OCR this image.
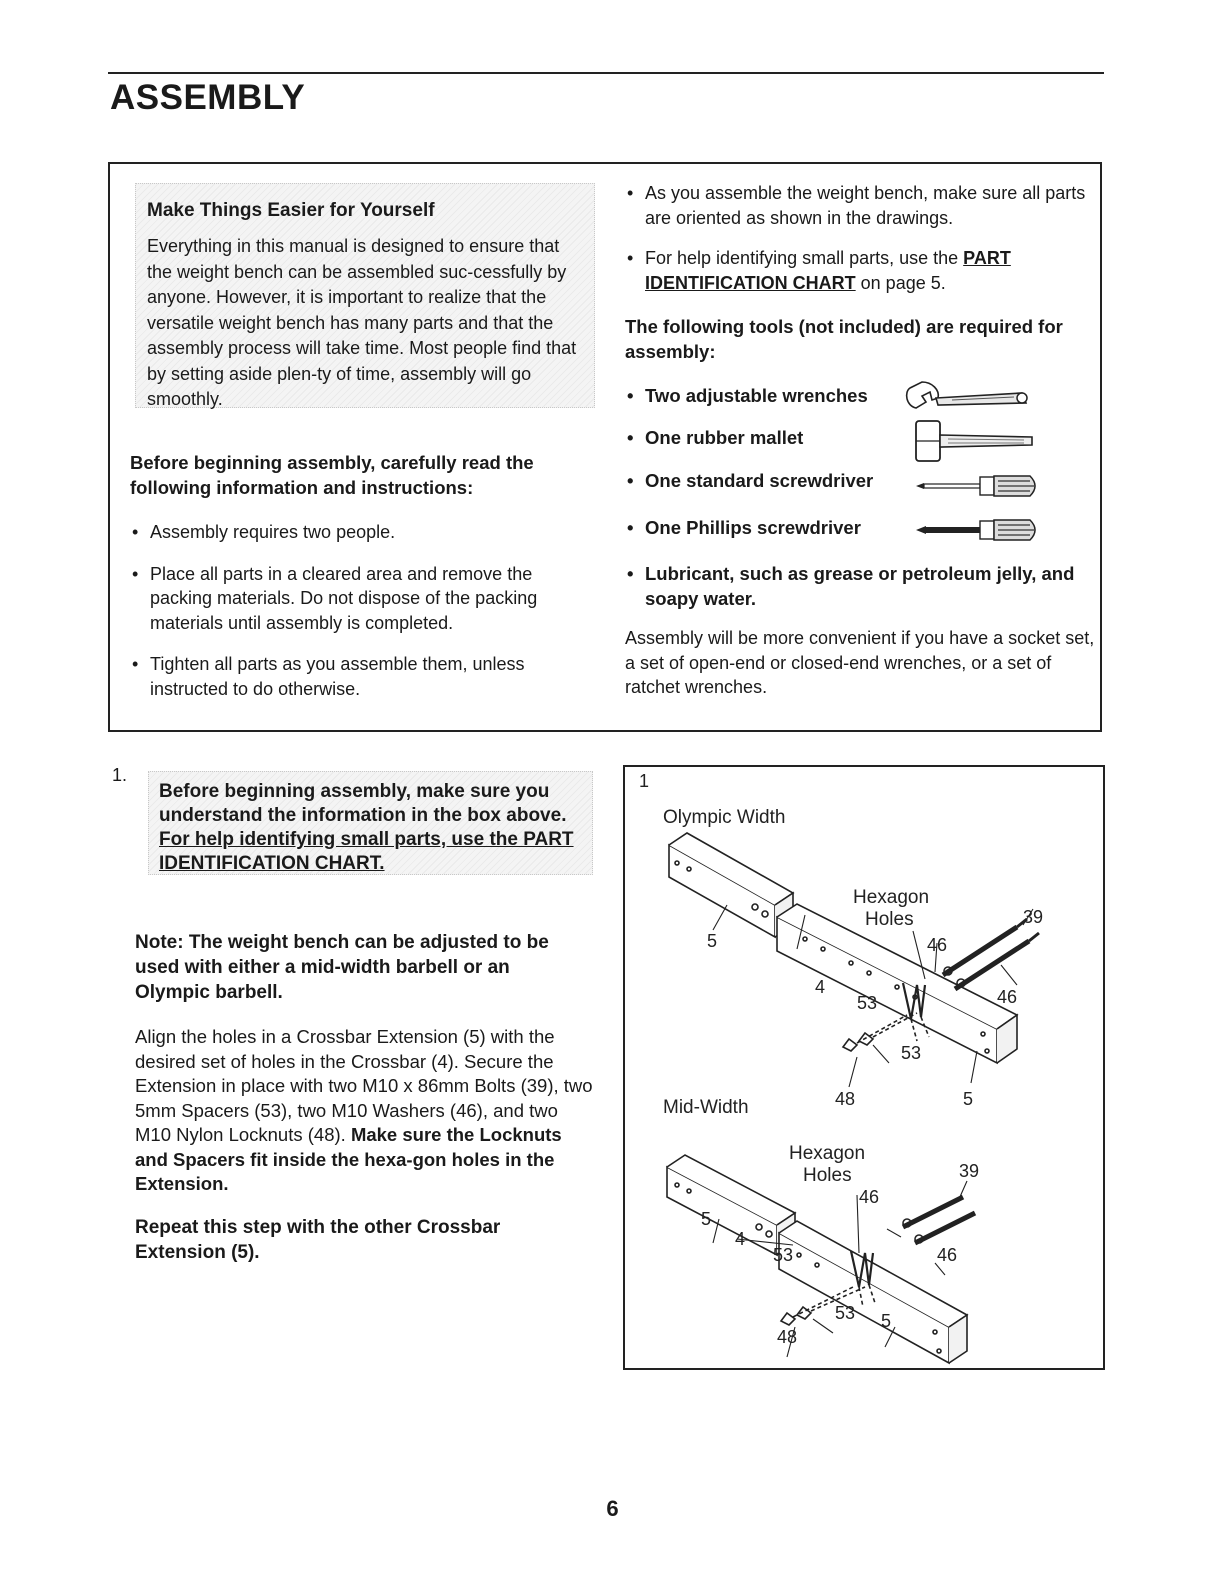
ASSEMBLY
Make Things Easier for Yourself

Everything in this manual is designed to ensure that the weight bench can be assembled suc-cessfully by anyone. However, it is important to realize that the versatile weight bench has many parts and that the assembly process will take time. Most people find that by setting aside plen-ty of time, assembly will go smoothly.

Before beginning assembly, carefully read the following information and instructions:
• Assembly requires two people.
• Place all parts in a cleared area and remove the packing materials. Do not dispose of the packing materials until assembly is completed.
• Tighten all parts as you assemble them, unless instructed to do otherwise.
• As you assemble the weight bench, make sure all parts are oriented as shown in the drawings.
• For help identifying small parts, use the PART IDENTIFICATION CHART on page 5.
The following tools (not included) are required for assembly:
• Two adjustable wrenches
• One rubber mallet
• One standard screwdriver
• One Phillips screwdriver
• Lubricant, such as grease or petroleum jelly, and soapy water.
Assembly will be more convenient if you have a socket set, a set of open-end or closed-end wrenches, or a set of ratchet wrenches.
1.

Before beginning assembly, make sure you understand the information in the box above. For help identifying small parts, use the PART IDENTIFICATION CHART.

Note: The weight bench can be adjusted to be used with either a mid-width barbell or an Olympic barbell.
Align the holes in a Crossbar Extension (5) with the desired set of holes in the Crossbar (4). Secure the Extension in place with two M10 x 86mm Bolts (39), two 5mm Spacers (53), two M10 Washers (46), and two M10 Nylon Locknuts (48). Make sure the Locknuts and Spacers fit inside the hexa-gon holes in the Extension.
Repeat this step with the other Crossbar Extension (5).
1
Olympic Width
Mid-Width
Hexagon
Holes
5
39
46
4
53	46
53
48	5
Hexagon
Holes	39
46
5
4
53	46
53 5
48
6
